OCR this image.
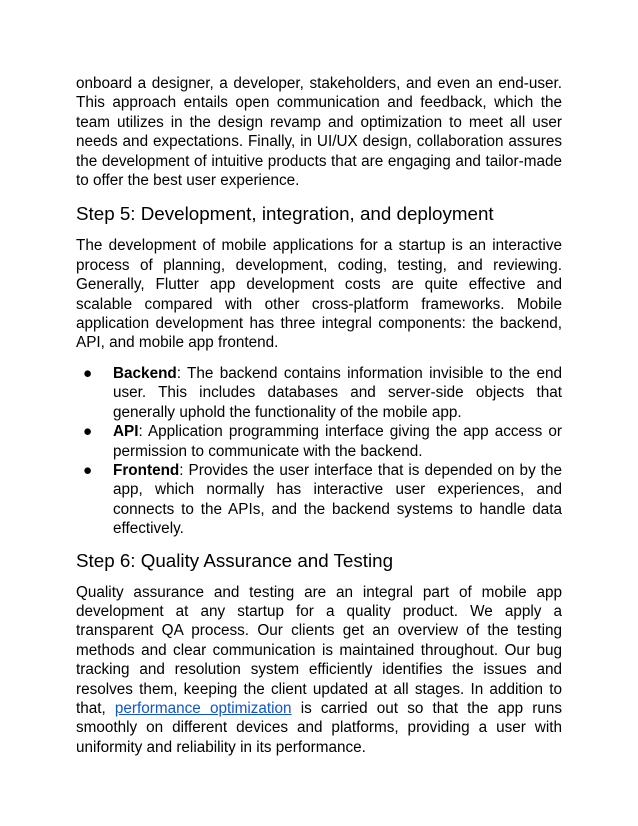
onboard a designer, a developer, stakeholders, and even an end-user. This approach entails open communication and feedback, which the team utilizes in the design revamp and optimization to meet all user needs and expectations. Finally, in UI/UX design, collaboration assures the development of intuitive products that are engaging and tailor-made to offer the best user experience.

Step 5: Development, integration, and deployment

The development of mobile applications for a startup is an interactive process of planning, development, coding, testing, and reviewing. Generally, Flutter app development costs are quite effective and scalable compared with other cross-platform frameworks. Mobile application development has three integral components: the backend, API, and mobile app frontend.

● Backend: The backend contains information invisible to the end user. This includes databases and server-side objects that generally uphold the functionality of the mobile app.
● API: Application programming interface giving the app access or permission to communicate with the backend.
● Frontend: Provides the user interface that is depended on by the app, which normally has interactive user experiences, and connects to the APIs, and the backend systems to handle data effectively.
Step 6: Quality Assurance and Testing

Quality assurance and testing are an integral part of mobile app development at any startup for a quality product. We apply a transparent QA process. Our clients get an overview of the testing methods and clear communication is maintained throughout. Our bug tracking and resolution system efficiently identifies the issues and resolves them, keeping the client updated at all stages. In addition to that, performance optimization is carried out so that the app runs smoothly on different devices and platforms, providing a user with uniformity and reliability in its performance.
